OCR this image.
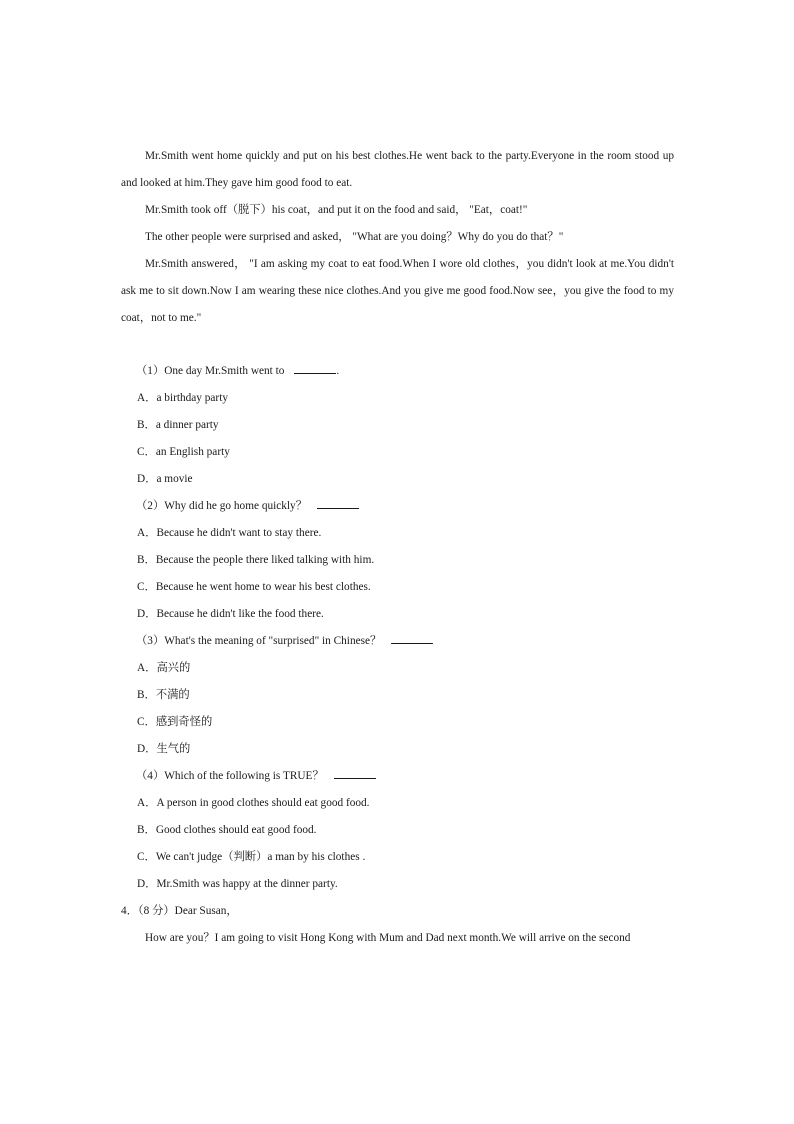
Mr.Smith went home quickly and put on his best clothes.He went back to the party.Everyone in the room stood up and looked at him.They gave him good food to eat.

Mr.Smith took off（脱下）his coat，and put it on the food and said， "Eat，coat!"

The other people were surprised and asked， "What are you doing？Why do you do that？"

Mr.Smith answered， "I am asking my coat to eat food.When I wore old clothes，you didn't look at me.You didn't ask me to sit down.Now I am wearing these nice clothes.And you give me good food.Now see，you give the food to my coat，not to me."

（1）One day Mr.Smith went to	.
A．a birthday party
B．a dinner party
C．an English party
D．a movie
（2）Why did he go home quickly？
A．Because he didn't want to stay there.
B．Because the people there liked talking with him.
C．Because he went home to wear his best clothes.
D．Because he didn't like the food there.
（3）What's the meaning of "surprised" in Chinese？
A．高兴的
B．不满的
C．感到奇怪的
D．生气的
（4）Which of the following is TRUE？
A．A person in good clothes should eat good food.
B．Good clothes should eat good food.
C．We can't judge（判断）a man by his clothes .
D．Mr.Smith was happy at the dinner party.
4．（8 分）Dear Susan，

How are you？I am going to visit Hong Kong with Mum and Dad next month.We will arrive on the second
